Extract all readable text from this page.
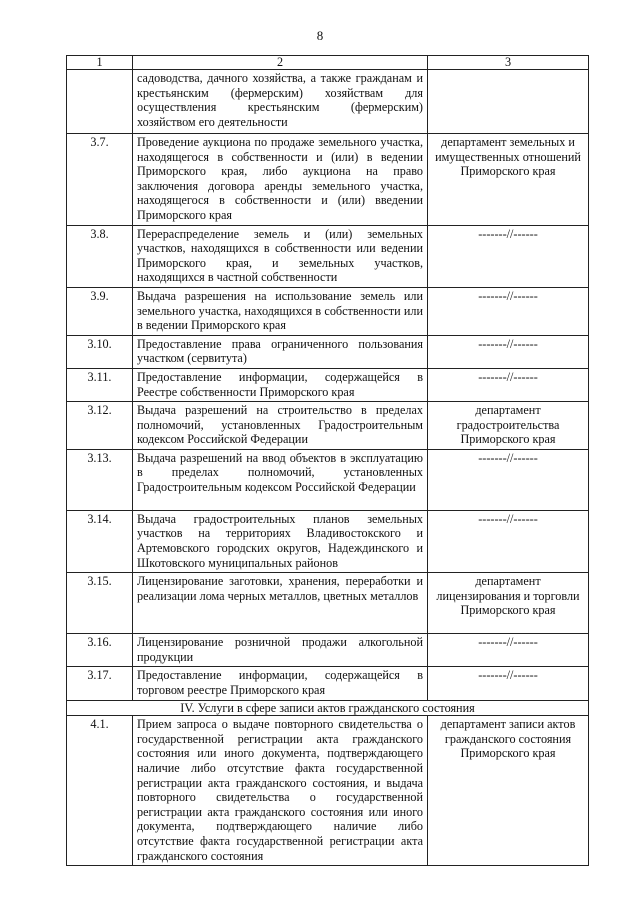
8
1	2	3
	садоводства, дачного хозяйства, а также гражданам и крестьянским (фермерским) хозяйствам для осуществления крестьянским (фермерским) хозяйством его деятельности	
3.7.	Проведение аукциона по продаже земельного участка, находящегося в собственности и (или) в ведении Приморского края, либо аукциона на право заключения договора аренды земельного участка, находящегося в собственности и (или) введении Приморского края	департамент земельных и имущественных отношений Приморского края
3.8.	Перераспределение земель и (или) земельных участков, находящихся в собственности или ведении Приморского края, и земельных участков, находящихся в частной собственности	-------//------
3.9.	Выдача разрешения на использование земель или земельного участка, находящихся в собственности или в ведении Приморского края	-------//------
3.10.	Предоставление права ограниченного пользования участком (сервитута)	-------//------
3.11.	Предоставление информации, содержащейся в Реестре собственности Приморского края	-------//------
3.12.	Выдача разрешений на строительство в пределах полномочий, установленных Градостроительным кодексом Российской Федерации	департамент градостроительства Приморского края
3.13.	Выдача разрешений на ввод объектов в эксплуатацию в пределах полномочий, установленных Градостроительным кодексом Российской Федерации	-------//------
3.14.	Выдача градостроительных планов земельных участков на территориях Владивостокского и Артемовского городских округов, Надеждинского и Шкотовского муниципальных районов	-------//------
3.15.	Лицензирование заготовки, хранения, переработки и реализации лома черных металлов, цветных металлов	департамент лицензирования и торговли Приморского края
3.16.	Лицензирование розничной продажи алкогольной продукции	-------//------
3.17.	Предоставление информации, содержащейся в торговом реестре Приморского края	-------//------
IV. Услуги в сфере записи актов гражданского состояния		
4.1.	Прием запроса о выдаче повторного свидетельства о государственной регистрации акта гражданского состояния или иного документа, подтверждающего наличие либо отсутствие факта государственной регистрации акта гражданского состояния, и выдача повторного свидетельства о государственной регистрации акта гражданского состояния или иного документа, подтверждающего наличие либо отсутствие факта государственной регистрации акта гражданского состояния	департамент записи актов гражданского состояния Приморского края
